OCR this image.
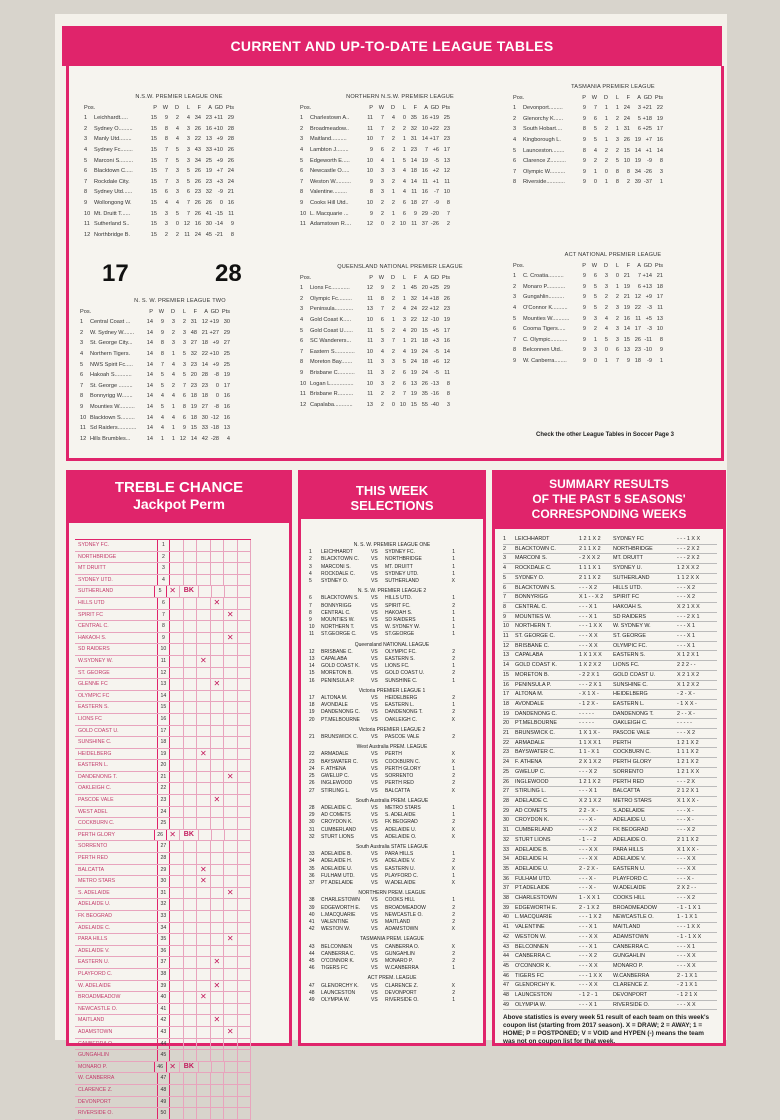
CURRENT AND UP-TO-DATE LEAGUE TABLES
N.S.W. PREMIER LEAGUE ONE
Pos.	P	W	D	L	F	A GD Pts
1	Leichhardt.....	15	9	2	4 34 23 +11 29
2	Sydney O.........	15	8	4	3 26 16 +10 28
3	Manly Utd........	15	8	4	3 22 13 +9 28
4	Sydney Fc........	15	7	5	3 43 33 +10 26
5	Marconi S.........	15	7	5	3 34 25 +9 26
6	Blacktown C.....	15	7	3	5 26 19 +7 24
7	Rockdale City.	15	7	3	5 26 23 +3 24
8	Sydney Utd......	15	6	3	6 23 32	-9 21
9	Wollongong W.	15	4	4	7 26 26	0 16
10 Mt. Druitt T......	15	3	5	7 26 41 -15 11
11 Sutherland S..	15	3	0 12 16 30 -14	9
12 Northbridge B.	15	2	2 11 24 45 -21	8
NORTHERN N.S.W. PREMIER LEAGUE
Pos.	P	W	D	L	F	A GD Pts
1	Charlestown A..	11	7	4	0 35 16 +19 25
2	Broadmeadow..	11	7	2	2 32 10 +22 23
3	Maitland..........	10	7	2	1 31 14 +17 23
4	Lambton J........	9	6	2	1 23	7 +6 17
5	Edgeworth E.....	10	4	1	5 14 19	-5 13
6	Newcastle O.....	10	3	3	4 18 16 +2 12
7	Weston W..........	9	3	2	4 14 11 +1 11
8	Valentine.........	8	3	1	4 11 16	-7 10
9	Cooks Hill Utd..	10	2	2	6 18 27	-9	8
10 L. Macquarie ...	9	2	1	6	9 29 -20	7
11 Adamstown R....	12	0	2 10 11 37 -26	2
TASMANIA PREMIER LEAGUE
Pos.	P	W	D	L	F	A GD Pts
1	Devonport.........	9	7	1	1 24	3 +21 22
2	Glenorchy K......	9	6	1	2 24	5 +18 19
3	South Hobart....	8	5	2	1 31	6 +25 17
4	Kingborough L.	9	5	1	3 26 19 +7 16
5	Launceston........	8	4	2	2 15 14 +1 14
6	Clarence Z..........	9	2	2	5 10 19	-9	8
7	Olympic W..........	9	1	0	8	8 34 -26	3
8	Riverside............	9	0	1	8	2 39 -37	1
N. S. W. PREMIER LEAGUE TWO
Pos.	P	W	D	L	F	A GD Pts
1	Central Coast ...	14	9	3	2 31 12 +19 30
2	W. Sydney W.......	14	9	2	3 48 21 +27 29
3	St. George City...	14	8	3	3 27 18 +9 27
4	Northern Tigers.	14	8	1	5 32 22 +10 25
5	NWS Spirit Fc.....	14	7	4	3 23 14 +9 25
6	Hakoah S...........	14	5	4	5 20 28	-8 19
7	St. George .........	14	5	2	7 23 23	0 17
8	Bonnyrigg W.......	14	4	4	6 18 18	0 16
9	Mounties W..........	14	5	1	8 19 27	-8 16
10 Blacktown S.........	14	4	4	6 18 30 -12 16
11 Sd Raiders............	14	4	1	9 15 33 -18 13
12 Hills Brumbles...	14	1	1 12 14 42 -28	4
QUEENSLAND NATIONAL PREMIER LEAGUE
Pos.	P	W	D	L	F	A GD Pts
1	Lions Fc............	12	9	2	1 45 20 +25 29
2	Olympic Fc.........	11	8	2	1 32 14 +18 26
3	Peninsula............	13	7	2	4 24 22 +12 23
4	Gold Coast K.....	10	6	1	3 22 12 -10 19
5	Gold Coast U......	11	5	2	4 20 15 +5 17
6	SC Wanderers...	11	3	7	1 21 18 +3 16
7	Eastern S.............	10	4	2	4 19 24	-5 14
8	Moreton Bay.......	11	3	3	5 24 18 +6 12
9	Brisbane C...........	11	3	2	6 19 24	-5 11
10 Logan L...............	10	3	2	6 13 26 -13	8
11 Brisbane R..........	11	2	2	7 19 35 -16	8
12 Capalaba............	13	2	0 10 15 55 -40	3
ACT NATIONAL PREMIER LEAGUE
Pos.	P	W	D	L	F	A GD Pts
1	C. Croatia..........	9	6	3	0 21	7 +14 21
2	Monaro P............	9	5	3	1 19	6 +13 18
3	Gungahlin..........	9	5	2	2 21 12 +9 17
4	O'Connor K..........	9	5	2	3 19 22	-3 11
5	Mounties W...........	9	3	4	2 16 11 +5 13
6	Cooma Tigers.....	9	2	4	3 14 17	-3 10
7	C. Olympic...........	9	1	5	3 15 26 -11	8
8	Belconnen Utd..	9	3	0	6 13 23 -10	9
9	W. Canberra........	9	0	1	7	9 18	-9	1
17	28
Check the other League Tables in Soccer Page 3
TREBLE CHANCE
Jackpot Perm
SYDNEY FC.	1
NORTHBRIDGE	2
MT DRUITT	3
SYDNEY UTD.	4
SUTHERLAND	5 ✕	BK
HILLS UTD	6	✕
SPIRIT FC	7	✕
CENTRAL C.	8
HAKAOH S.	9	✕
SD RAIDERS	10
W.SYDNEY W.	11	✕
ST. GEORGE	12
GLENNE FC	13	✕
OLYMPIC FC	14
EASTERN S.	15
LIONS FC	16
GOLD COAST U.	17
SUNSHINE C.	18
HEIDELBERG	19	✕
EASTERN L.	20
DANDENONG T.	21	✕
OAKLEIGH C.	22
PASCOE VALE	23	✕
WEST ADEL	24
COCKBURN C.	25
PERTH GLORY	26 ✕	BK
SORRENTO	27
PERTH RED	28
BALCATTA	29	✕
METRO STARS	30	✕
S. ADELAIDE	31	✕
ADELAIDE U.	32
FK BEOGRAD	33
ADELAIDE C.	34
PARA HILLS	35	✕
ADELAIDE V.	36
EASTERN U.	37	✕
PLAYFORD C.	38
W. ADELAIDE	39	✕
BROADMEADOW	40	✕
NEWCASTLE O.	41
MAITLAND	42	✕
ADAMSTOWN	43	✕
CANBERRA O.	44
GUNGAHLIN	45
MONARO P.	46 ✕	BK
W. CANBERRA	47
CLARENCE Z.	48
DEVONPORT	49
RIVERSIDE O.	50
THIS WEEK
SELECTIONS
N. S. W. PREMIER LEAGUE ONE
1	LEICHHARDT	VS	SYDNEY FC.	1
2	BLACKTOWN C.	VS	NORTHBRIDGE	1
3	MARCONI S.	VS	MT. DRUITT	1
4	ROCKDALE C.	VS	SYDNEY UTD.	1
5	SYDNEY O.	VS	SUTHERLAND	X
N. S. W. PREMIER LEAGUE 2
6	BLACKTOWN S.	VS	HILLS UTD.	1
7	BONNYRIGG	VS	SPIRIT FC.	2
8	CENTRAL C.	VS	HAKOAH S.	1
9	MOUNTIES W.	VS	SD RAIDERS	1
10	NORTHERN T.	VS	W. SYDNEY W.	1
11	ST.GEORGE C.	VS	ST.GEORGE	1
Queensland NATIONAL LEAGUE
12	BRISBANE C.	VS	OLYMPIC FC.	2
13	CAPALABA	VS	EASTERN S.	2
14	GOLD COAST K.	VS	LIONS FC.	1
15	MORETON B.	VS	GOLD COAST U.	2
16	PENINSULA P.	VS	SUNSHINE C.	1
Victoria PREMIER LEAGUE 1
17	ALTONA M.	VS	HEIDELBERG	2
18	AVONDALE	VS	EASTERN L.	1
19	DANDENONG C.	VS	DANDENONG T.	2
20	PT.MELBOURNE	VS	OAKLEIGH C.	X
Victoria PREMIER LEAGUE 2
21	BRUNSWICK C.	VS	PASCOE VALE	2
West Australia PREM. LEAGUE
22	ARMADALE	VS	PERTH	X
23	BAYSWATER C.	VS	COCKBURN C.	X
24	F. ATHENA	VS	PERTH GLORY	1
25	GWELUP C.	VS	SORRENTO	2
26	INGLEWOOD	VS	PERTH RED	2
27	STIRLING L.	VS	BALCATTA	X
South Australia PREM. LEAGUE
28	ADELAIDE C.	VS	METRO STARS	1
29	AD COMETS	VS	S. ADELAIDE	1
30	CROYDON K.	VS	FK BEOGRAD	2
31	CUMBERLAND	VS	ADELAIDE U.	X
32	STURT LIONS	VS	ADELAIDE O.	X
South Australia STATE LEAGUE
33	ADELAIDE B.	VS	PARA HILLS	1
34	ADELAIDE H.	VS	ADELAIDE V.	2
35	ADELAIDE U.	VS	EASTERN U.	X
36	FULHAM UTD.	VS	PLAYFORD C.	1
37	PT ADELAIDE	VS	W.ADELAIDE	X
NORTHERN PREM. LEAGUE
38	CHARLESTOWN	VS	COOKS HILL	1
39	EDGEWORTH E.	VS	BROADMEADOW	2
40	L.MACQUARIE	VS	NEWCASTLE O.	2
41	VALENTINE	VS	MAITLAND	2
42	WESTON W.	VS	ADAMSTOWN	X
TASMANIA PREM. LEAGUE
43	BELCONNEN	VS	CANBERRA O.	X
44	CANBERRA C.	VS	GUNGAHLIN	2
45	O'CONNOR K.	VS	MONARO P.	2
46	TIGERS FC	VS	W.CANBERRA	1
ACT PREM. LEAGUE
47	GLENORCHY K.	VS	CLARENCE Z.	X
48	LAUNCESTON	VS	DEVONPORT	2
49	OLYMPIA W.	VS	RIVERSIDE O.	1
SUMMARY RESULTS
OF THE PAST 5 SEASONS'
CORRESPONDING WEEKS
1	LEICHHARDT	1 2 1 X 2	SYDNEY FC	- - - 1 X X
2	BLACKTOWN C.	2 1 1 X 2	NORTHBRIDGE	- - - 2 X 2
3	MARCONI S.	- 2 X X 2	MT. DRUITT	- - - 2 X 2
4	ROCKDALE C.	1 1 1 X 1	SYDNEY U.	1 2 X X 2
5	SYDNEY O.	2 1 1 X 2	SUTHERLAND	1 1 2 X X
6	BLACKTOWN S.	- - - X 2	HILLS UTD.	- - - X 2
7	BONNYRIGG	X 1 - - X 2	SPIRIT FC	- - - X 2
8	CENTRAL C.	- - - X 1	HAKOAH S.	X 2 1 X X
9	MOUNTIES W.	- - - X 1	SD RAIDERS	- - - 2 X 1
10	NORTHERN T.	- - - 1 X X	W. SYDNEY W.	- - - X 1
11	ST. GEORGE C.	- - - X X	ST. GEORGE	- - - X 1
12	BRISBANE C.	- - - X X	OLYMPIC FC.	- - - X 1
13	CAPALABA	1 X 1 X X	EASTERN S.	X 1 2 X 1
14	GOLD COAST K.	1 X 2 X 2	LIONS FC.	2 2 2 - -
15	MORETON B.	- 2 2 X 1	GOLD COAST U.	X 2 1 X 2
16	PENINSULA P.	- - - 2 X 1	SUNSHINE C.	X 1 2 X 2
17	ALTONA M.	- X 1 X -	HEIDELBERG	- 2 - X -
18	AVONDALE	- 1 2 X -	EASTERN L.	- 1 X X -
19	DANDENONG C.	- - - - -	DANDENONG T.	2 - - X -
20	PT.MELBOURNE	- - - - -	OAKLEIGH C.	- - - - -
21	BRUNSWICK C.	1 X 1 X -	PASCOE VALE	- - - X 2
22	ARMADALE	1 1 X X 1	PERTH	1 2 1 X 2
23	BAYSWATER C.	1 1 - X 1	COCKBURN C.	1 1 1 X 2
24	F. ATHENA	2 X 1 X 2	PERTH GLORY	1 2 1 X 2
25	GWELUP C.	- - - X 2	SORRENTO	1 2 1 X X
26	INGLEWOOD	1 2 1 X 2	PERTH RED	- - - 2 X
27	STIRLING L.	- - - X 1	BALCATTA	2 1 2 X 1
28	ADELAIDE C.	X 2 1 X 2	METRO STARS	X 1 X X -
29	AD COMETS	2 2 - X -	S.ADELAIDE	- - - X -
30	CROYDON K.	- - - X -	ADELAIDE U.	- - - X -
31	CUMBERLAND	- - - X 2	FK BEOGRAD	- - - X 2
32	STURT LIONS	- 1 - - 2	ADELAIDE O.	2 1 1 X 2
33	ADELAIDE B.	- - - X X	PARA HILLS	X 1 X X -
34	ADELAIDE H.	- - - X X	ADELAIDE V.	- - - X X
35	ADELAIDE U.	2 - 2 X -	EASTERN U.	- - - X X
36	FULHAM UTD.	- - - X -	PLAYFORD C.	- - - X -
37	PT.ADELAIDE	- - - X -	W.ADELAIDE	2 X 2 - -
38	CHARLESTOWN	1 - X X 1	COOKS HILL	- - - X 2
39	EDGEWORTH E.	2 - 1 X 2	BROADMEADOW	- 1 - 1 X 1
40	L.MACQUARIE	- - - 1 X 2	NEWCASTLE O.	1 - 1 X 1
41	VALENTINE	- - - X 1	MAITLAND	- - - 1 X X
42	WESTON W.	- - - X X	ADAMSTOWN	- 1 - 1 X X
43	BELCONNEN	- - - X 1	CANBERRA C.	- - - X 1
44	CANBERRA C.	- - - X 2	GUNGAHLIN	- - - X X
45	O'CONNOR K.	- - - X X	MONARO P.	- - - X X
46	TIGERS FC	- - - 1 X X	W.CANBERRA	2 - 1 X 1
47	GLENORCHY K.	- - - X X	CLARENCE Z.	- 2 1 X 1
48	LAUNCESTON	- 1 2 - 1	DEVONPORT	- 1 2 1 X
49	OLYMPIA W.	- - - X 1	RIVERSIDE O.	- - - X X
Above statistics is every week 51 result of each team on this week's coupon list (starting from 2017 season). X = DRAW; 2 = AWAY; 1 = HOME; P = POSTPONED; V = VOID and HYPEN (-) means the team was not on coupon list for that week.
